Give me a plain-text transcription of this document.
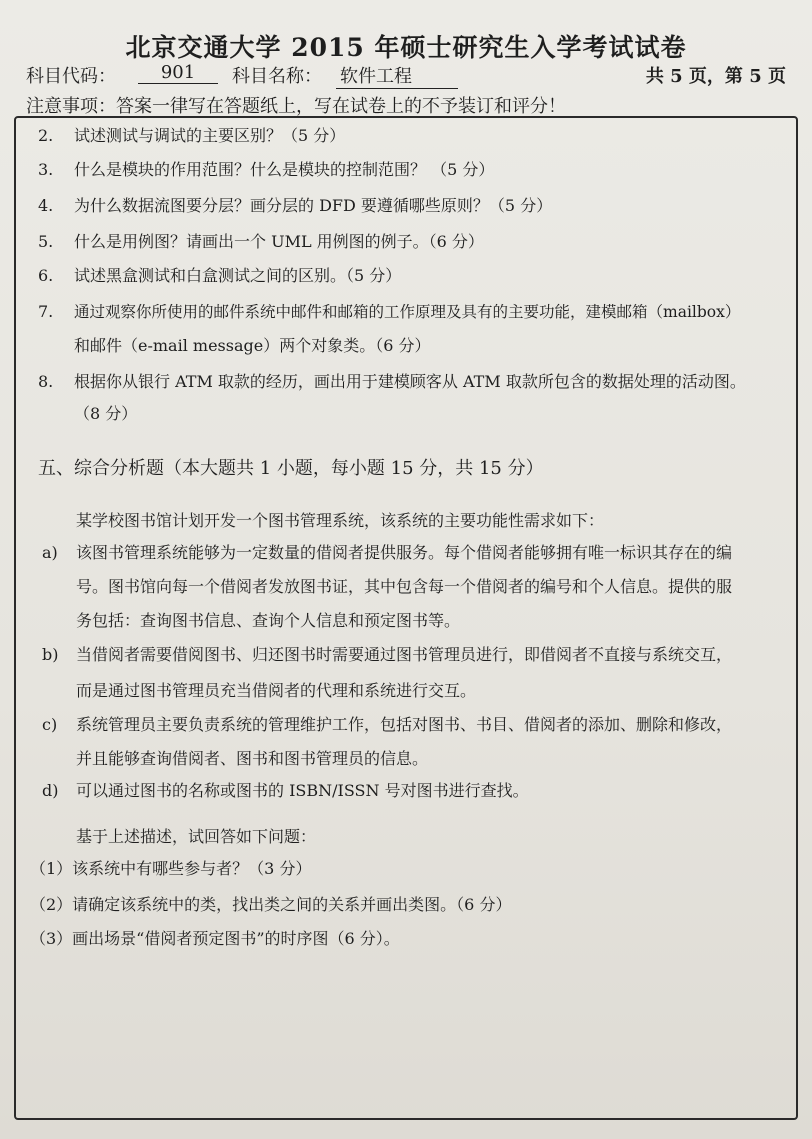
北京交通大学 2015 年硕士研究生入学考试试卷
科目代码：	901	科目名称： 软件工程	共 5 页，第 5 页
注意事项：答案一律写在答题纸上，写在试卷上的不予装订和评分！
2.	试述测试与调试的主要区别？（5 分）
3.	什么是模块的作用范围？什么是模块的控制范围？ （5 分）
4.	为什么数据流图要分层？画分层的 DFD 要遵循哪些原则？（5 分）
5.	什么是用例图？请画出一个 UML 用例图的例子。（6 分）
6.	试述黑盒测试和白盒测试之间的区别。（5 分）
7.	通过观察你所使用的邮件系统中邮件和邮箱的工作原理及具有的主要功能，建模邮箱（mailbox）
和邮件（e-mail message）两个对象类。（6 分）
8.	根据你从银行 ATM 取款的经历，画出用于建模顾客从 ATM 取款所包含的数据处理的活动图。
（8 分）
五、综合分析题（本大题共 1 小题，每小题 15 分，共 15 分）
某学校图书馆计划开发一个图书管理系统，该系统的主要功能性需求如下：
a) 该图书管理系统能够为一定数量的借阅者提供服务。每个借阅者能够拥有唯一标识其存在的编
号。图书馆向每一个借阅者发放图书证，其中包含每一个借阅者的编号和个人信息。提供的服
务包括：查询图书信息、查询个人信息和预定图书等。
b) 当借阅者需要借阅图书、归还图书时需要通过图书管理员进行，即借阅者不直接与系统交互，
而是通过图书管理员充当借阅者的代理和系统进行交互。
c) 系统管理员主要负责系统的管理维护工作，包括对图书、书目、借阅者的添加、删除和修改，
并且能够查询借阅者、图书和图书管理员的信息。
d) 可以通过图书的名称或图书的 ISBN/ISSN 号对图书进行查找。
基于上述描述，试回答如下问题：
（1）该系统中有哪些参与者？（3 分）
（2）请确定该系统中的类，找出类之间的关系并画出类图。（6 分）
（3）画出场景“借阅者预定图书”的时序图（6 分）。
